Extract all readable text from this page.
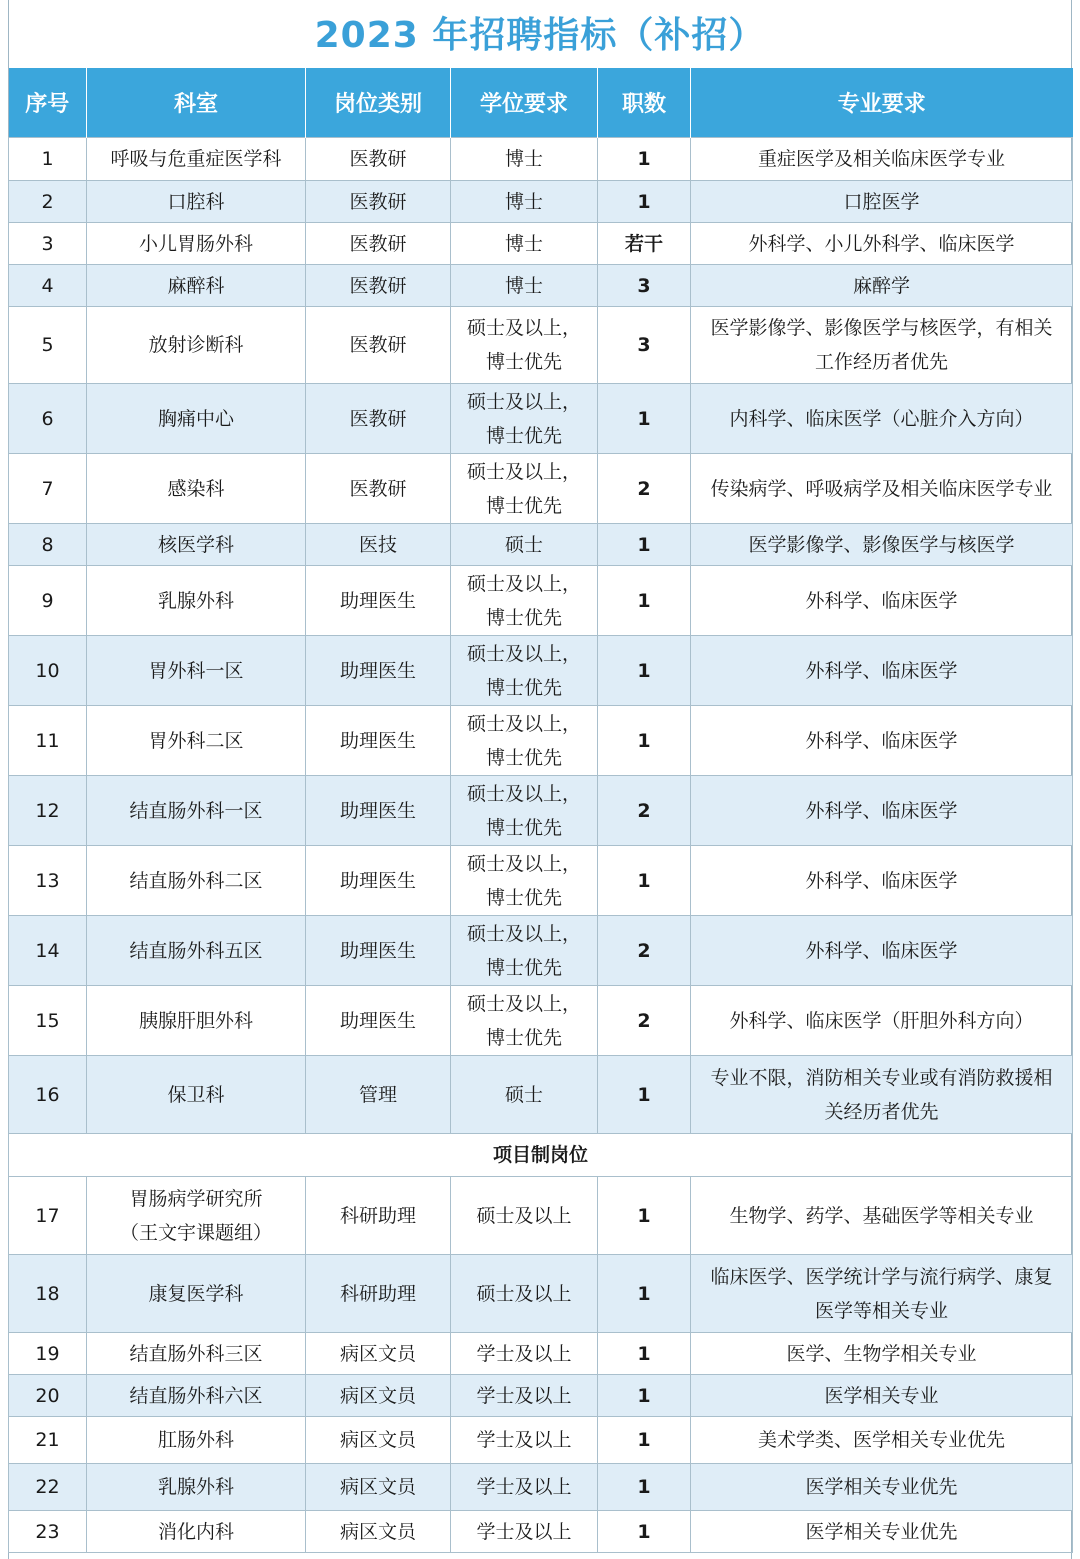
2023 年招聘指标（补招）
序号	科室	岗位类别	学位要求	职数	专业要求
1	呼吸与危重症医学科	医教研	博士	1	重症医学及相关临床医学专业

2	口腔科	医教研	博士	1	口腔医学

3	小儿胃肠外科	医教研	博士	若干	外科学、小儿外科学、临床医学

4	麻醉科	医教研	博士	3	麻醉学

5	放射诊断科	医教研	硕士及以上，
博士优先	3	医学影像学、影像医学与核医学，有相关
工作经历者优先

6	胸痛中心	医教研	硕士及以上，
博士优先	1	内科学、临床医学（心脏介入方向）

7	感染科	医教研	硕士及以上，
博士优先	2	传染病学、呼吸病学及相关临床医学专业

8	核医学科	医技	硕士	1	医学影像学、影像医学与核医学

9	乳腺外科	助理医生	硕士及以上，
博士优先	1	外科学、临床医学

10	胃外科一区	助理医生	硕士及以上，
博士优先	1	外科学、临床医学

11	胃外科二区	助理医生	硕士及以上，
博士优先	1	外科学、临床医学

12	结直肠外科一区	助理医生	硕士及以上，
博士优先	2	外科学、临床医学

13	结直肠外科二区	助理医生	硕士及以上，
博士优先	1	外科学、临床医学

14	结直肠外科五区	助理医生	硕士及以上，
博士优先	2	外科学、临床医学

15	胰腺肝胆外科	助理医生	硕士及以上，
博士优先	2	外科学、临床医学（肝胆外科方向）

16	保卫科	管理	硕士	1	专业不限，消防相关专业或有消防救援相
关经历者优先

项目制岗位					
17	胃肠病学研究所
（王文宇课题组）	科研助理	硕士及以上	1	生物学、药学、基础医学等相关专业

18	康复医学科	科研助理	硕士及以上	1	临床医学、医学统计学与流行病学、康复
医学等相关专业

19	结直肠外科三区	病区文员	学士及以上	1	医学、生物学相关专业

20	结直肠外科六区	病区文员	学士及以上	1	医学相关专业

21	肛肠外科	病区文员	学士及以上	1	美术学类、医学相关专业优先

22	乳腺外科	病区文员	学士及以上	1	医学相关专业优先

23	消化内科	病区文员	学士及以上	1	医学相关专业优先
